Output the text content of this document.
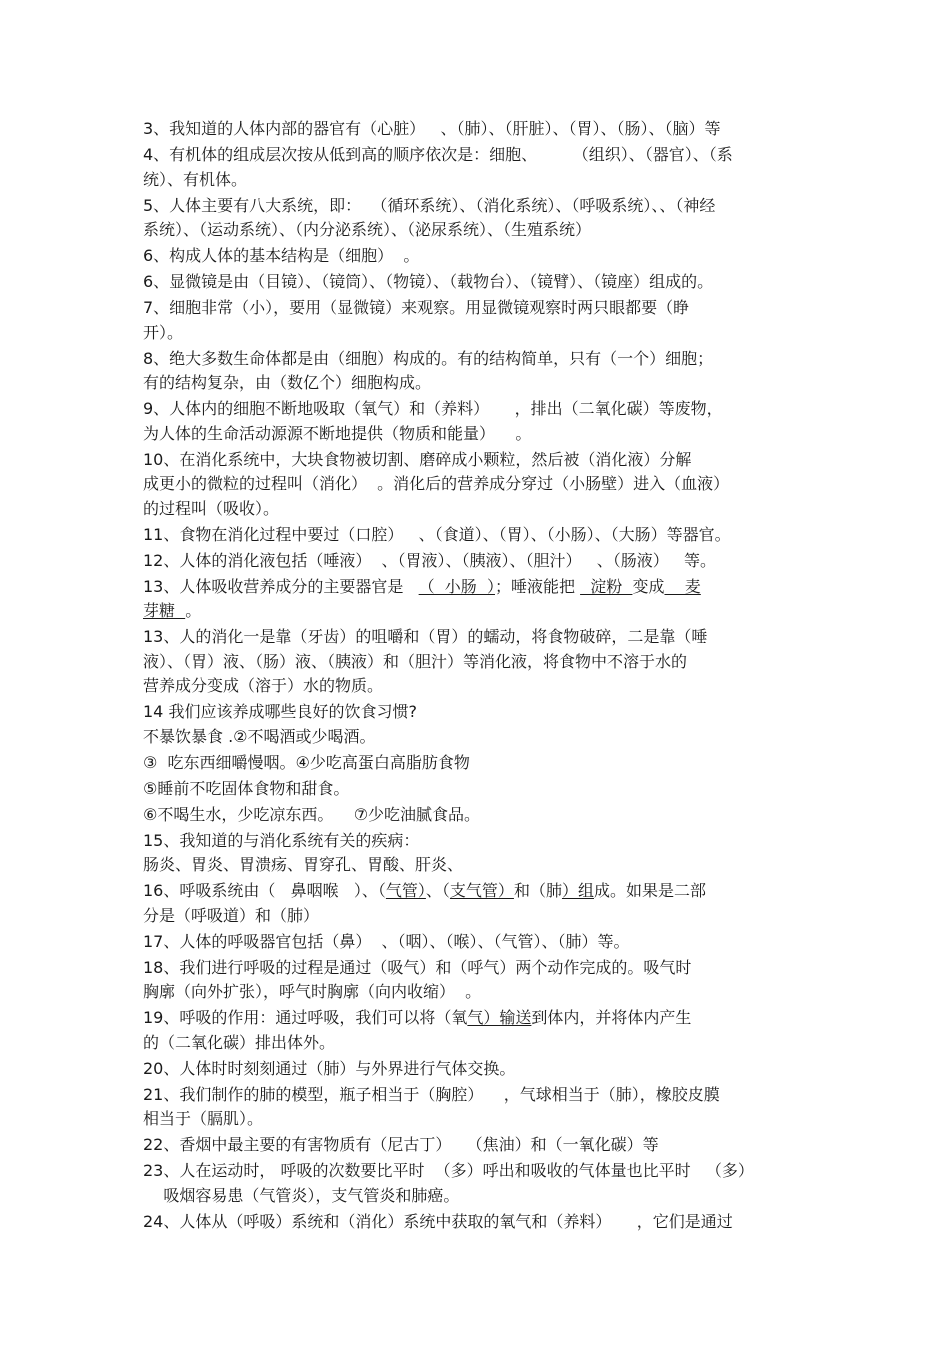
3、我知道的人体内部的器官有（心脏）   、（肺）、（肝脏）、（胃）、（肠）、（脑）等
4、有机体的组成层次按从低到高的顺序依次是：细胞、       （组织）、（器官）、（系
统）、有机体。
5、人体主要有八大系统，即：  （循环系统）、（消化系统）、（呼吸系统）、、（神经
系统）、（运动系统）、（内分泌系统）、（泌尿系统）、（生殖系统）
6、构成人体的基本结构是（细胞）  。
6、显微镜是由（目镜）、（镜筒）、（物镜）、（载物台）、（镜臂）、（镜座）组成的。
7、细胞非常（小），要用（显微镜）来观察。用显微镜观察时两只眼都要（睁
开）。
8、绝大多数生命体都是由（细胞）构成的。有的结构简单，只有（一个）细胞；
有的结构复杂，由（数亿个）细胞构成。
9、人体内的细胞不断地吸取（氧气）和（养料）     ，排出（二氧化碳）等废物，
为人体的生命活动源源不断地提供（物质和能量）    。
10、在消化系统中，大块食物被切割、磨碎成小颗粒，然后被（消化液）分解
成更小的微粒的过程叫（消化）  。消化后的营养成分穿过（小肠壁）进入（血液）
的过程叫（吸收）。
11、食物在消化过程中要过（口腔）   、（食道）、（胃）、（小肠）、（大肠）等器官。
12、人体的消化液包括（唾液）  、（胃液）、（胰液）、（胆汁）   、（肠液）   等。
13、人体吸收营养成分的主要器官是   （  小肠  ）；唾液能把   淀粉  变成    麦
芽糖  。
13、人的消化一是靠（牙齿）的咀嚼和（胃）的蠕动，将食物破碎，二是靠（唾
液）、（胃）液、（肠）液、（胰液）和（胆汁）等消化液，将食物中不溶于水的
营养成分变成（溶于）水的物质。
14 我们应该养成哪些良好的饮食习惯?
不暴饮暴食 .②不喝酒或少喝酒。
③  吃东西细嚼慢咽。④少吃高蛋白高脂肪食物
⑤睡前不吃固体食物和甜食。
⑥不喝生水，少吃凉东西。    ⑦少吃油腻食品。
15、我知道的与消化系统有关的疾病：
肠炎、胃炎、胃溃疡、胃穿孔、胃酸、肝炎、
16、呼吸系统由（   鼻咽喉   ）、（气管）、（支气管）和（肺）组成。如果是二部
分是（呼吸道）和（肺）
17、人体的呼吸器官包括（鼻）  、（咽）、（喉）、（气管）、（肺）等。
18、我们进行呼吸的过程是通过（吸气）和（呼气）两个动作完成的。吸气时
胸廓（向外扩张），呼气时胸廓（向内收缩）  。
19、呼吸的作用：通过呼吸，我们可以将（氧气）输送到体内，并将体内产生
的（二氧化碳）排出体外。
20、人体时时刻刻通过（肺）与外界进行气体交换。
21、我们制作的肺的模型，瓶子相当于（胸腔）    ，气球相当于（肺），橡胶皮膜
相当于（膈肌）。
22、香烟中最主要的有害物质有（尼古丁）   （焦油）和（一氧化碳）等
23、人在运动时， 呼吸的次数要比平时  （多）呼出和吸收的气体量也比平时   （多）
吸烟容易患（气管炎），支气管炎和肺癌。
24、人体从（呼吸）系统和（消化）系统中获取的氧气和（养料）     ，它们是通过
